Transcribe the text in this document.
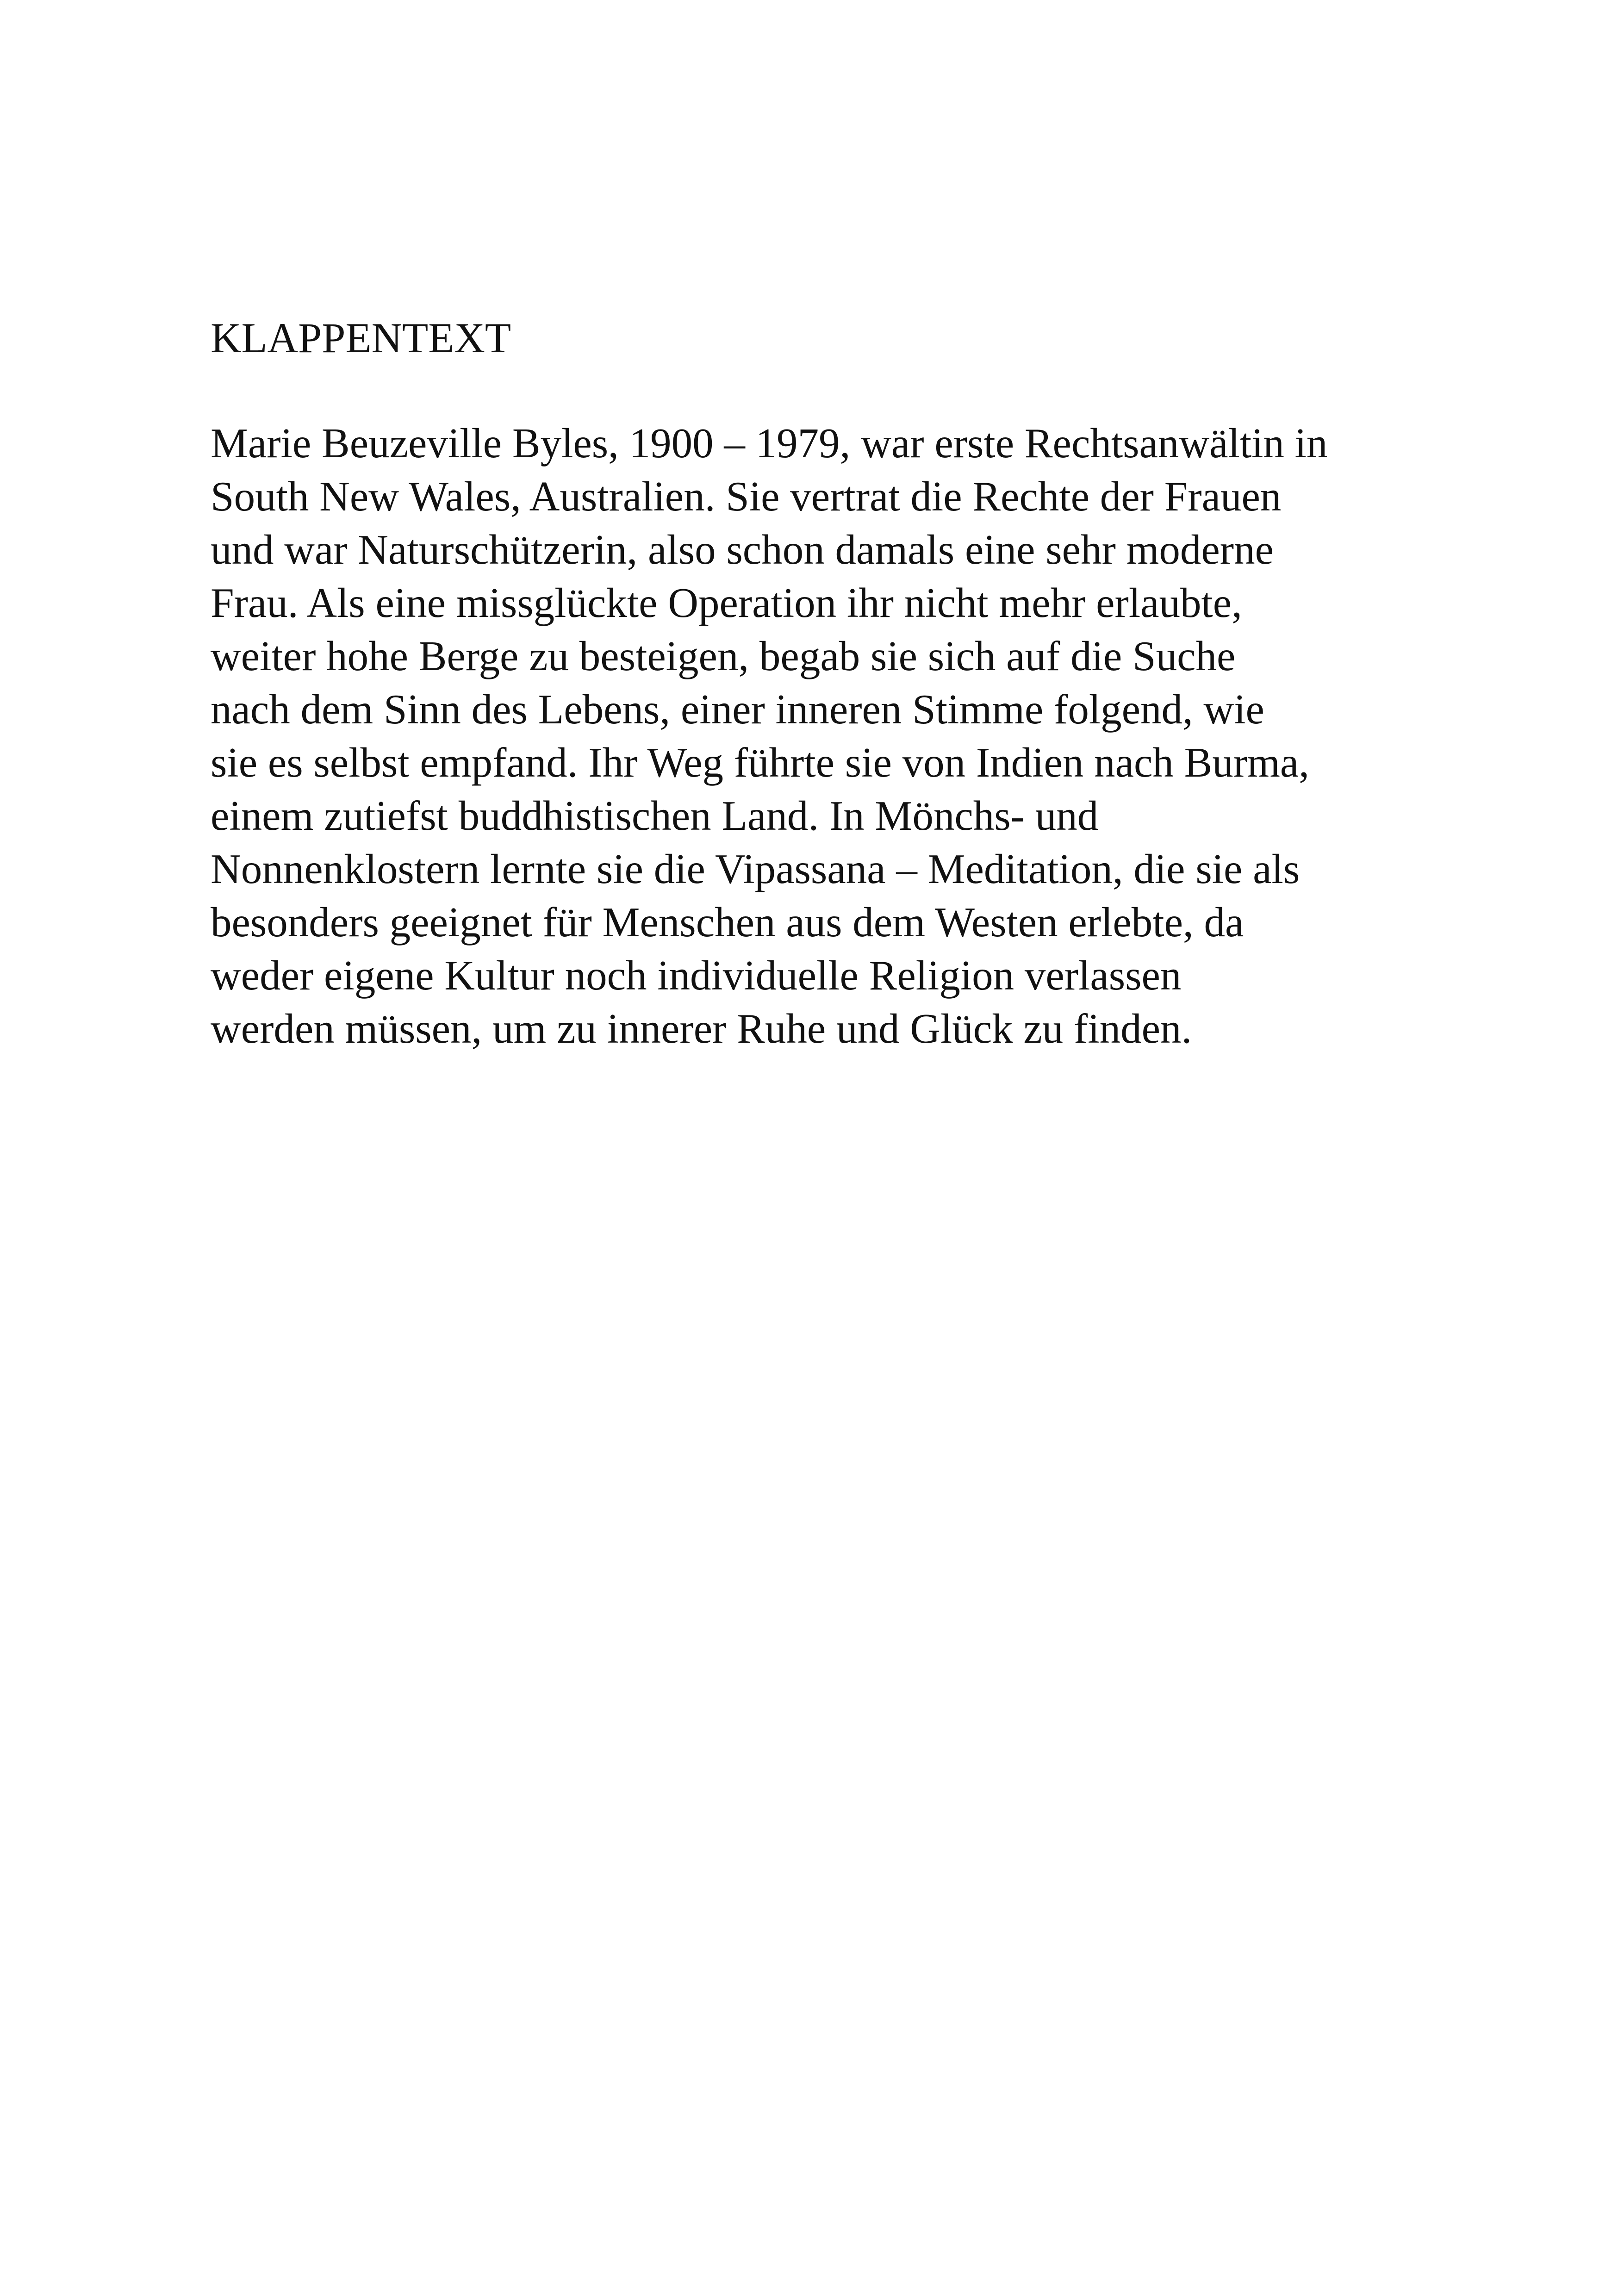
KLAPPENTEXT

Marie Beuzeville Byles, 1900 – 1979, war erste Rechtsanwältin in
South New Wales, Australien. Sie vertrat die Rechte der Frauen
und war Naturschützerin, also schon damals eine sehr moderne
Frau. Als eine missglückte Operation ihr nicht mehr erlaubte,
weiter hohe Berge zu besteigen, begab sie sich auf die Suche
nach dem Sinn des Lebens, einer inneren Stimme folgend, wie
sie es selbst empfand. Ihr Weg führte sie von Indien nach Burma,
einem zutiefst buddhistischen Land. In Mönchs- und
Nonnenklostern lernte sie die Vipassana – Meditation, die sie als
besonders geeignet für Menschen aus dem Westen erlebte, da
weder eigene Kultur noch individuelle Religion verlassen
werden müssen, um zu innerer Ruhe und Glück zu finden.
